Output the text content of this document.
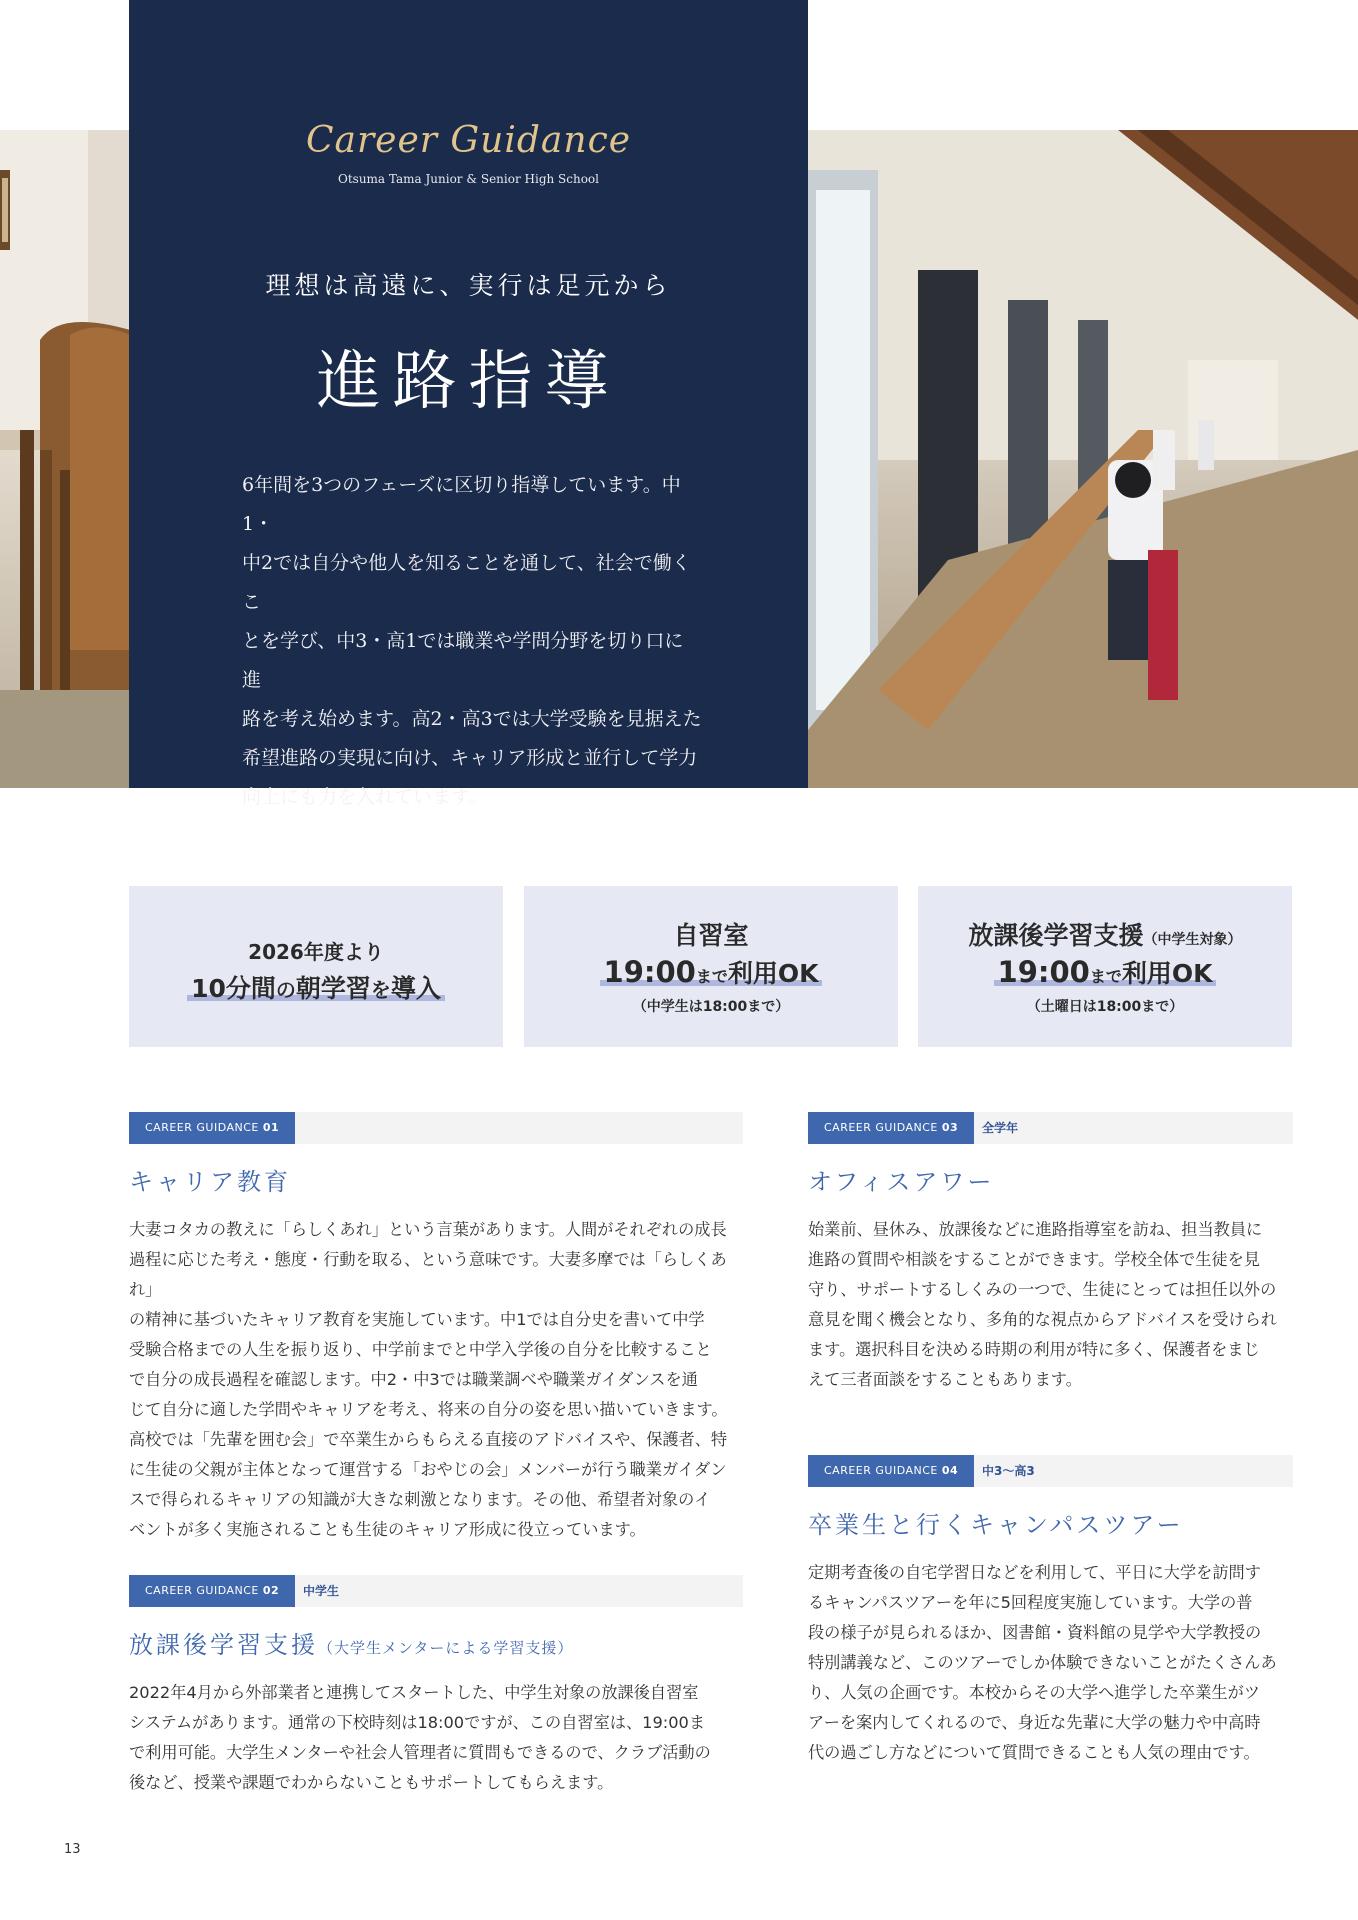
Career Guidance
Otsuma Tama Junior & Senior High School
理想は高遠に、実行は足元から
進路指導
6年間を3つのフェーズに区切り指導しています。中1・
中2では自分や他人を知ることを通して、社会で働くこ
とを学び、中3・高1では職業や学問分野を切り口に進
路を考え始めます。高2・高3では大学受験を見据えた
希望進路の実現に向け、キャリア形成と並行して学力
向上にも力を入れています。
2026年度より
10分間の朝学習を導入
自習室
19:00まで利用OK
（中学生は18:00まで）
放課後学習支援（中学生対象）
19:00まで利用OK
（土曜日は18:00まで）
CAREER GUIDANCE 01
キャリア教育
大妻コタカの教えに「らしくあれ」という言葉があります。人間がそれぞれの成長
過程に応じた考え・態度・行動を取る、という意味です。大妻多摩では「らしくあれ」
の精神に基づいたキャリア教育を実施しています。中1では自分史を書いて中学
受験合格までの人生を振り返り、中学前までと中学入学後の自分を比較すること
で自分の成長過程を確認します。中2・中3では職業調べや職業ガイダンスを通
じて自分に適した学問やキャリアを考え、将来の自分の姿を思い描いていきます。
高校では「先輩を囲む会」で卒業生からもらえる直接のアドバイスや、保護者、特
に生徒の父親が主体となって運営する「おやじの会」メンバーが行う職業ガイダン
スで得られるキャリアの知識が大きな刺激となります。その他、希望者対象のイ
ベントが多く実施されることも生徒のキャリア形成に役立っています。
CAREER GUIDANCE 02	中学生
放課後学習支援（大学生メンターによる学習支援）
2022年4月から外部業者と連携してスタートした、中学生対象の放課後自習室
システムがあります。通常の下校時刻は18:00ですが、この自習室は、19:00ま
で利用可能。大学生メンターや社会人管理者に質問もできるので、クラブ活動の
後など、授業や課題でわからないこともサポートしてもらえます。
CAREER GUIDANCE 03	全学年
オフィスアワー
始業前、昼休み、放課後などに進路指導室を訪ね、担当教員に
進路の質問や相談をすることができます。学校全体で生徒を見
守り、サポートするしくみの一つで、生徒にとっては担任以外の
意見を聞く機会となり、多角的な視点からアドバイスを受けられ
ます。選択科目を決める時期の利用が特に多く、保護者をまじ
えて三者面談をすることもあります。
CAREER GUIDANCE 04	中3〜高3
卒業生と行くキャンパスツアー
定期考査後の自宅学習日などを利用して、平日に大学を訪問す
るキャンパスツアーを年に5回程度実施しています。大学の普
段の様子が見られるほか、図書館・資料館の見学や大学教授の
特別講義など、このツアーでしか体験できないことがたくさんあ
り、人気の企画です。本校からその大学へ進学した卒業生がツ
アーを案内してくれるので、身近な先輩に大学の魅力や中高時
代の過ごし方などについて質問できることも人気の理由です。
13
